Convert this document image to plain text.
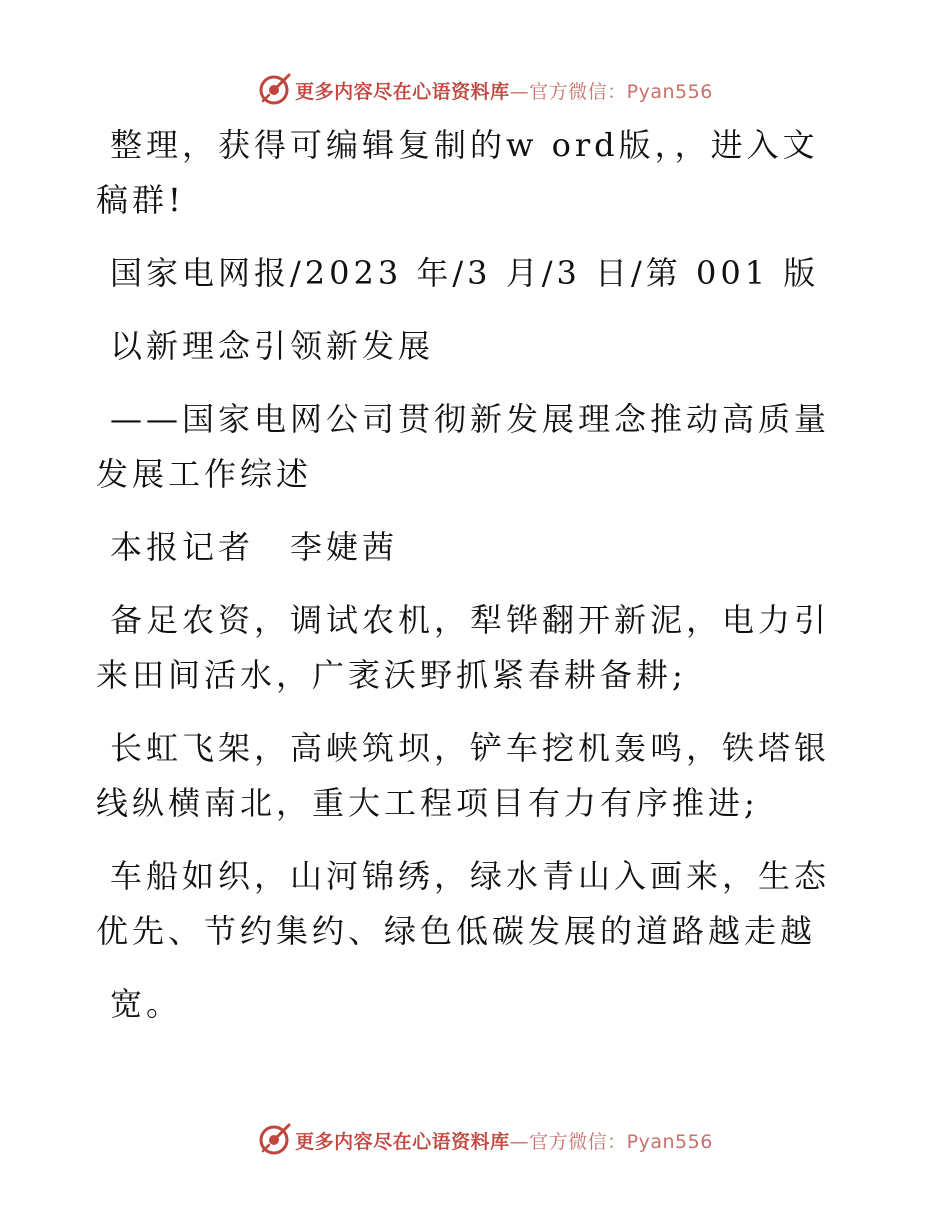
更多内容尽在心语资料库—官方微信：Pyan556

整理，获得可编辑复制的w ord版，，进入文稿群!

国家电网报/2023 年/3 月/3 日/第 001 版

以新理念引领新发展

——国家电网公司贯彻新发展理念推动高质量发展工作综述

本报记者　李婕茜

备足农资，调试农机，犁铧翻开新泥，电力引来田间活水，广袤沃野抓紧春耕备耕;

长虹飞架，高峡筑坝，铲车挖机轰鸣，铁塔银线纵横南北，重大工程项目有力有序推进;

车船如织，山河锦绣，绿水青山入画来，生态优先、节约集约、绿色低碳发展的道路越走越

宽。

更多内容尽在心语资料库—官方微信：Pyan556
